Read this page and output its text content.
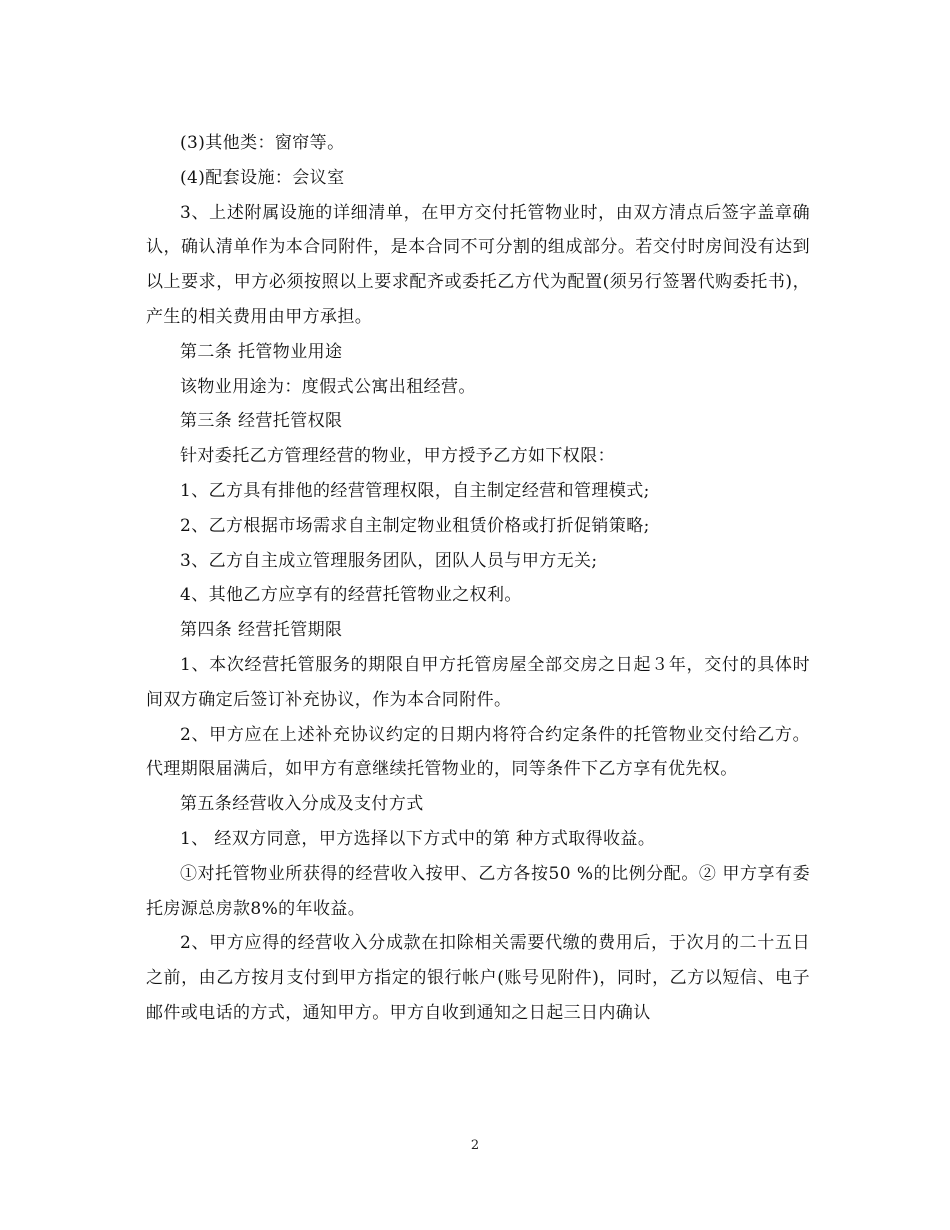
(3)其他类：窗帘等。

(4)配套设施：会议室

3、上述附属设施的详细清单，在甲方交付托管物业时，由双方清点后签字盖章确认，确认清单作为本合同附件，是本合同不可分割的组成部分。若交付时房间没有达到以上要求，甲方必须按照以上要求配齐或委托乙方代为配置(须另行签署代购委托书)，产生的相关费用由甲方承担。

第二条 托管物业用途

该物业用途为：度假式公寓出租经营。

第三条 经营托管权限

针对委托乙方管理经营的物业，甲方授予乙方如下权限：

1、乙方具有排他的经营管理权限，自主制定经营和管理模式;

2、乙方根据市场需求自主制定物业租赁价格或打折促销策略;

3、乙方自主成立管理服务团队，团队人员与甲方无关;

4、其他乙方应享有的经营托管物业之权利。

第四条 经营托管期限

1、本次经营托管服务的期限自甲方托管房屋全部交房之日起３年，交付的具体时间双方确定后签订补充协议，作为本合同附件。

2、甲方应在上述补充协议约定的日期内将符合约定条件的托管物业交付给乙方。代理期限届满后，如甲方有意继续托管物业的，同等条件下乙方享有优先权。

第五条经营收入分成及支付方式

1、 经双方同意，甲方选择以下方式中的第 种方式取得收益。

①对托管物业所获得的经营收入按甲、乙方各按50 %的比例分配。② 甲方享有委托房源总房款8%的年收益。

2、甲方应得的经营收入分成款在扣除相关需要代缴的费用后，于次月的二十五日之前，由乙方按月支付到甲方指定的银行帐户(账号见附件)，同时，乙方以短信、电子邮件或电话的方式，通知甲方。甲方自收到通知之日起三日内确认

2
